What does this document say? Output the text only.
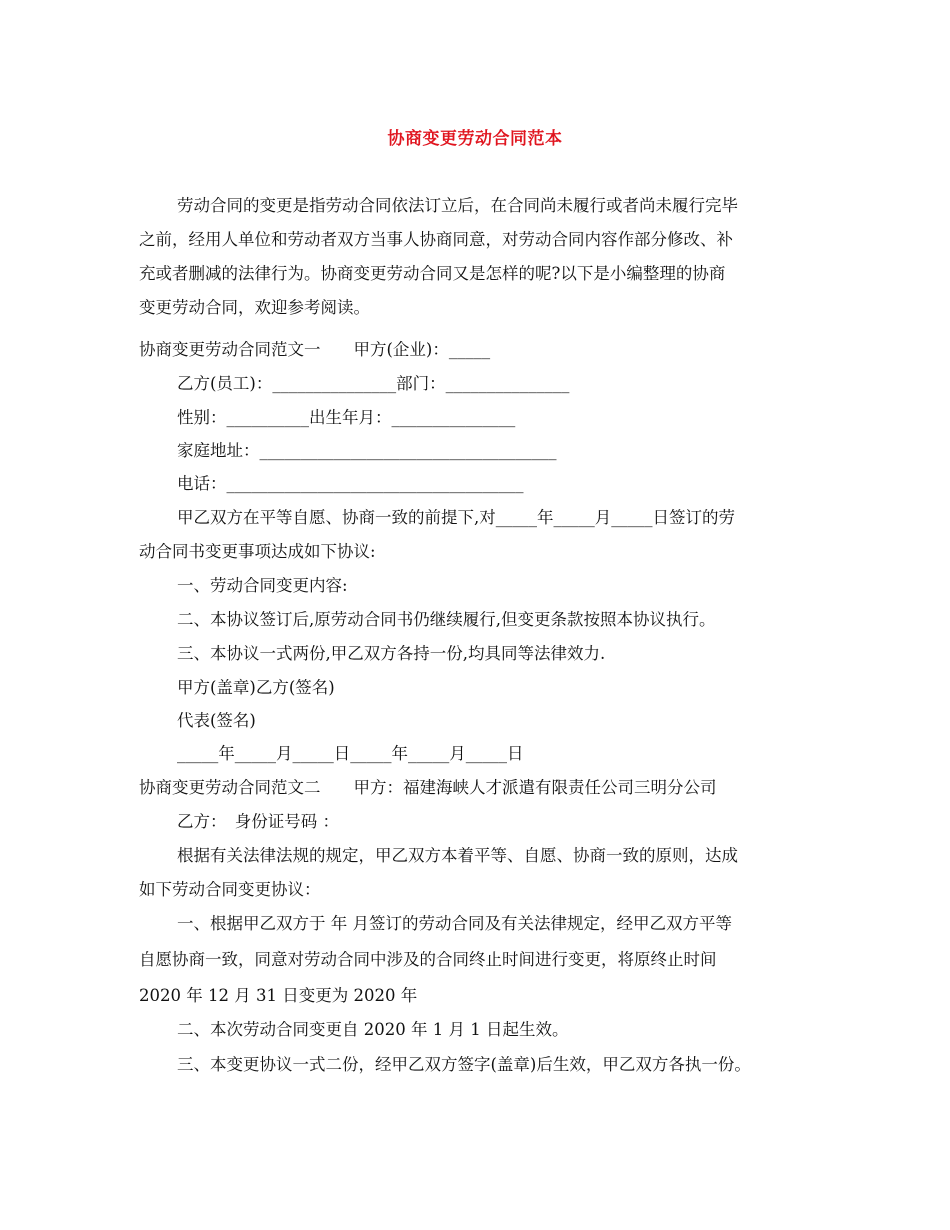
协商变更劳动合同范本
劳动合同的变更是指劳动合同依法订立后，在合同尚未履行或者尚未履行完毕
之前，经用人单位和劳动者双方当事人协商同意，对劳动合同内容作部分修改、补
充或者删减的法律行为。协商变更劳动合同又是怎样的呢?以下是小编整理的协商
变更劳动合同，欢迎参考阅读。
协商变更劳动合同范文一　　甲方(企业)：_____
乙方(员工)：_______________部门：_______________
性别：__________出生年月：_______________
家庭地址：____________________________________
电话：____________________________________
甲乙双方在平等自愿、协商一致的前提下,对_____年_____月_____日签订的劳
动合同书变更事项达成如下协议:
一、劳动合同变更内容:
二、本协议签订后,原劳动合同书仍继续履行,但变更条款按照本协议执行。
三、本协议一式两份,甲乙双方各持一份,均具同等法律效力.
甲方(盖章)乙方(签名)
代表(签名)
_____年_____月_____日_____年_____月_____日
协商变更劳动合同范文二　　甲方：福建海峡人才派遣有限责任公司三明分公司
乙方：　身份证号码 ：
根据有关法律法规的规定，甲乙双方本着平等、自愿、协商一致的原则，达成
如下劳动合同变更协议：
一、根据甲乙双方于 年 月签订的劳动合同及有关法律规定，经甲乙双方平等
自愿协商一致，同意对劳动合同中涉及的合同终止时间进行变更，将原终止时间
2020 年 12 月 31 日变更为 2020 年
二、本次劳动合同变更自 2020 年 1 月 1 日起生效。
三、本变更协议一式二份，经甲乙双方签字(盖章)后生效，甲乙双方各执一份。
